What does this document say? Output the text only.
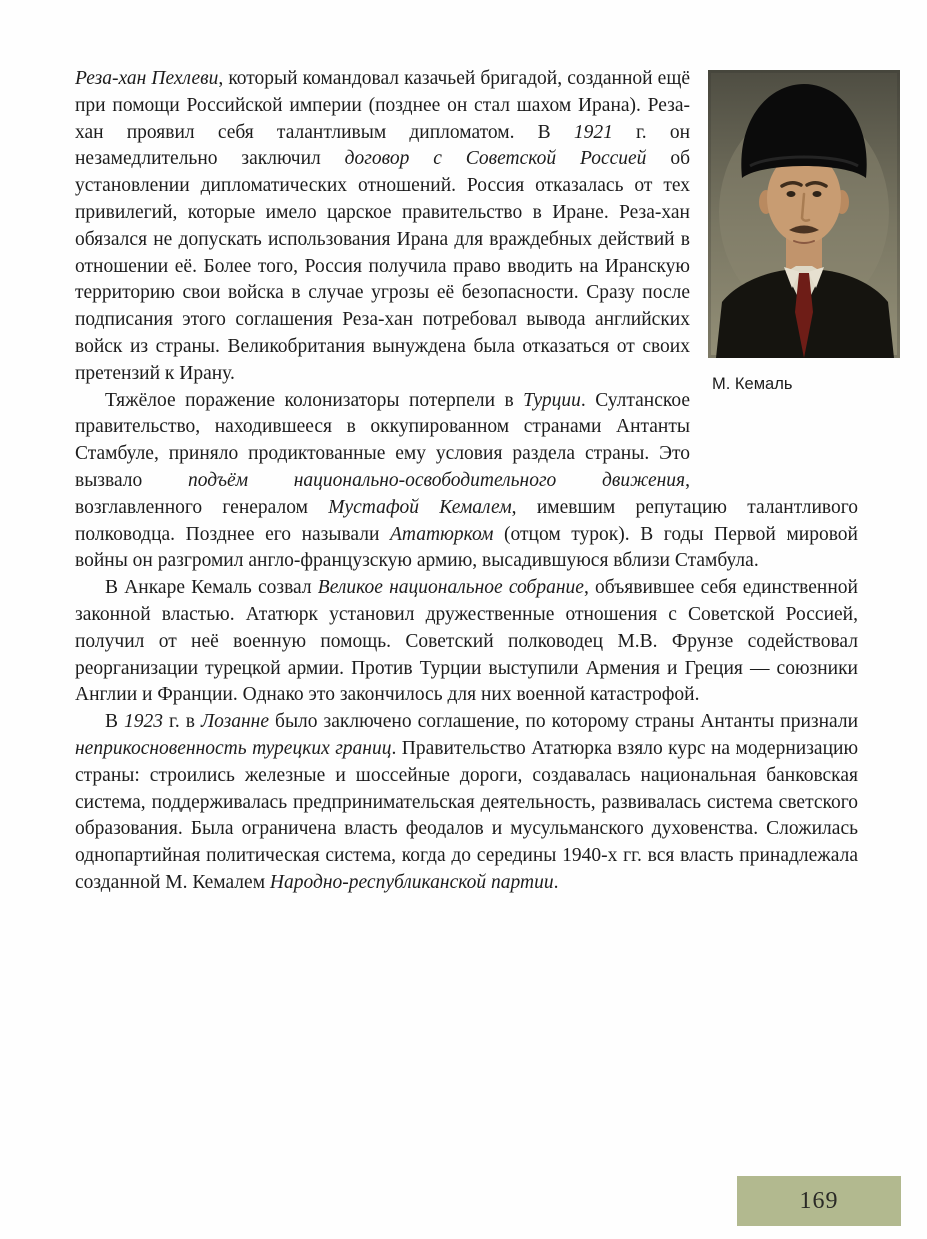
М. Кемаль

Реза-хан Пехлеви, который командовал казачьей бригадой, созданной ещё при помощи Российской империи (позднее он стал шахом Ирана). Реза-хан проявил себя талантливым дипломатом. В 1921 г. он незамедлительно заключил договор с Советской Россией об установлении дипломатических отношений. Россия отказалась от тех привилегий, которые имело царское правительство в Иране. Реза-хан обязался не допускать использования Ирана для враждебных действий в отношении её. Более того, Россия получила право вводить на Иранскую территорию свои войска в случае угрозы её безопасности. Сразу после подписания этого соглашения Реза-хан потребовал вывода английских войск из страны. Великобритания вынуждена была отказаться от своих претензий к Ирану.

Тяжёлое поражение колонизаторы потерпели в Турции. Султанское правительство, находившееся в оккупированном странами Антанты Стамбуле, приняло продиктованные ему условия раздела страны. Это вызвало подъём национально-освободительного движения, возглавленного генералом Мустафой Кемалем, имевшим репутацию талантливого полководца. Позднее его называли Ататюрком (отцом турок). В годы Первой мировой войны он разгромил англо-французскую армию, высадившуюся вблизи Стамбула.

В Анкаре Кемаль созвал Великое национальное собрание, объявившее себя единственной законной властью. Ататюрк установил дружественные отношения с Советской Россией, получил от неё военную помощь. Советский полководец М.В. Фрунзе содействовал реорганизации турецкой армии. Против Турции выступили Армения и Греция — союзники Англии и Франции. Однако это закончилось для них военной катастрофой.

В 1923 г. в Лозанне было заключено соглашение, по которому страны Антанты признали неприкосновенность турецких границ. Правительство Ататюрка взяло курс на модернизацию страны: строились железные и шоссейные дороги, создавалась национальная банковская система, поддерживалась предпринимательская деятельность, развивалась система светского образования. Была ограничена власть феодалов и мусульманского духовенства. Сложилась однопартийная политическая система, когда до середины 1940-х гг. вся власть принадлежала созданной М. Кемалем Народно-республиканской партии.

169
